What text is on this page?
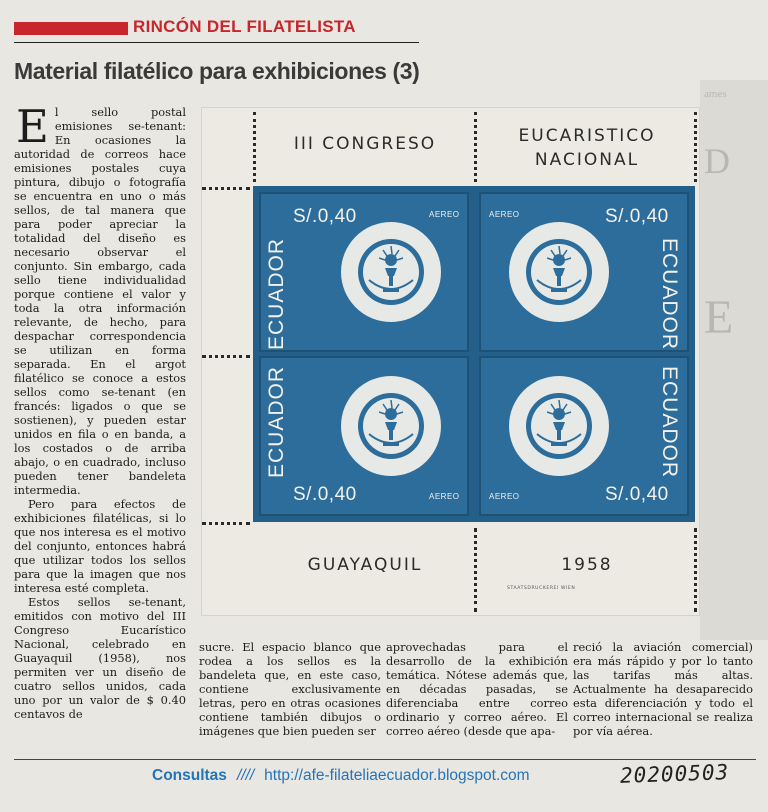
RINCÓN DEL FILATELISTA
Material filatélico para exhibiciones (3)
D
E
ames

El sello postal emisiones se-tenant: En ocasiones la autoridad de correos hace emisiones postales cuya pintura, dibujo o fotografía se encuentra en uno o más sellos, de tal manera que para poder apreciar la totalidad del diseño es necesario observar el conjunto. Sin embargo, cada sello tiene individualidad porque contiene el valor y toda la otra información relevante, de hecho, para despachar correspondencia se utilizan en forma separada. En el argot filatélico se conoce a estos sellos como se-tenant (en francés: ligados o que se sostienen), y pueden estar unidos en fila o en banda, a los costados o de arriba abajo, o en cuadrado, incluso pueden tener bandeleta intermedia.

Pero para efectos de exhibiciones filatélicas, si lo que nos interesa es el motivo del conjunto, entonces habrá que utilizar todos los sellos para que la imagen que nos interesa esté completa.

Estos sellos se-tenant, emitidos con motivo del III Congreso Eucarístico Nacional, celebrado en Guayaquil (1958), nos permiten ver un diseño de cuatro sellos unidos, cada uno por un valor de $ 0.40 centavos de

III CONGRESO	EUCARISTICO
NACIONAL
GUAYAQUIL	1958
STAATSDRUCKEREI WIEN
S/.0,40	AEREO
ECUADOR
S/.0,40
AEREO
ECUADOR
S/.0,40	AEREO
ECUADOR
S/.0,40
AEREO
ECUADOR
sucre. El espacio blanco que rodea a los sellos es la bandeleta que, en este caso, contiene exclusivamente letras, pero en otras ocasiones contiene también dibujos o imágenes que bien pueden ser
aprovechadas para el desarrollo de la exhibición temática. Nótese además que, en décadas pasadas, se diferenciaba entre correo ordinario y correo aéreo. El correo aéreo (desde que apa-
reció la aviación comercial) era más rápido y por lo tanto las tarifas más altas. Actualmente ha desaparecido esta diferenciación y todo el correo internacional se realiza por vía aérea.
Consultas //// http://afe-filateliaecuador.blogspot.com	20200503
